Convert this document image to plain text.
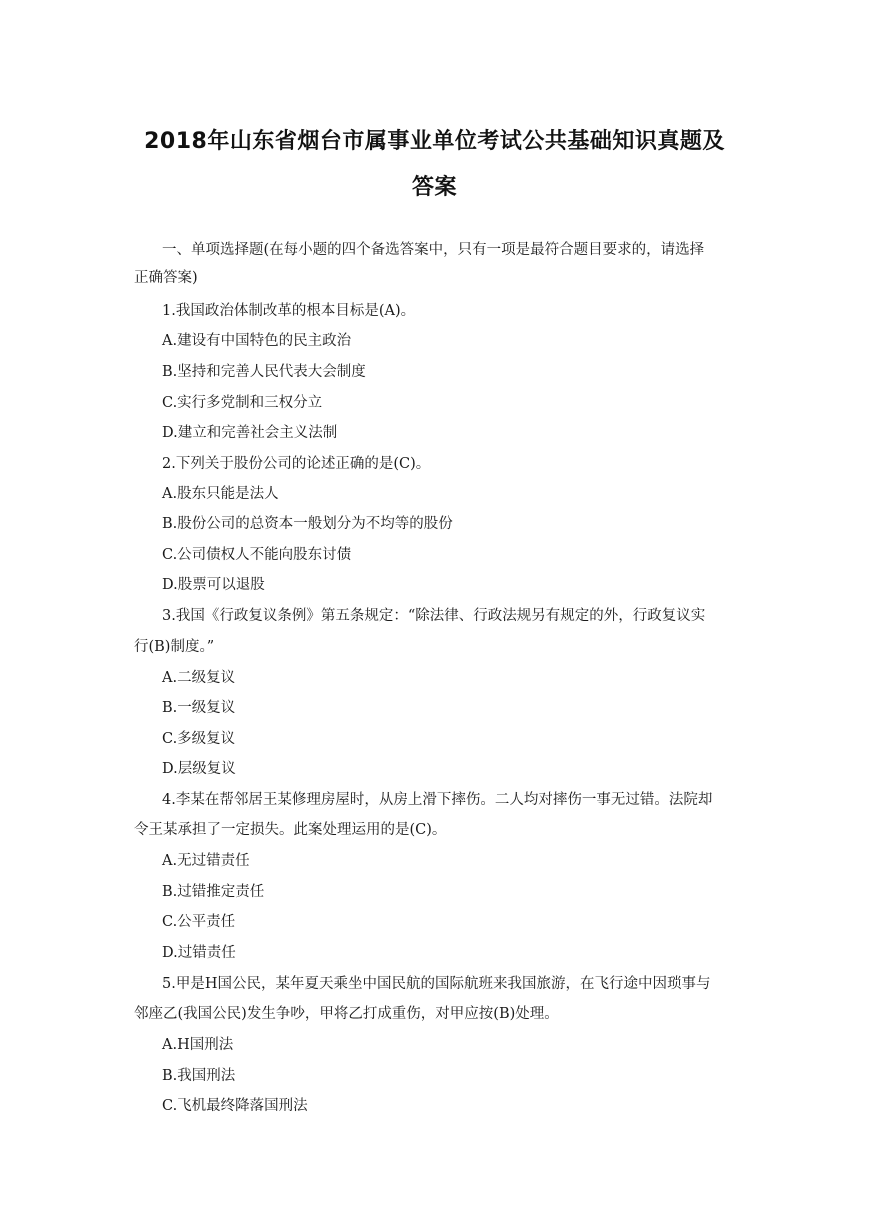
2018年山东省烟台市属事业单位考试公共基础知识真题及
答案
一、单项选择题(在每小题的四个备选答案中，只有一项是最符合题目要求的，请选择
正确答案)
1.我国政治体制改革的根本目标是(A)。
A.建设有中国特色的民主政治
B.坚持和完善人民代表大会制度
C.实行多党制和三权分立
D.建立和完善社会主义法制
2.下列关于股份公司的论述正确的是(C)。
A.股东只能是法人
B.股份公司的总资本一般划分为不均等的股份
C.公司债权人不能向股东讨债
D.股票可以退股
3.我国《行政复议条例》第五条规定：“除法律、行政法规另有规定的外，行政复议实
行(B)制度。”
A.二级复议
B.一级复议
C.多级复议
D.层级复议
4.李某在帮邻居王某修理房屋时，从房上滑下摔伤。二人均对摔伤一事无过错。法院却
令王某承担了一定损失。此案处理运用的是(C)。
A.无过错责任
B.过错推定责任
C.公平责任
D.过错责任
5.甲是H国公民，某年夏天乘坐中国民航的国际航班来我国旅游，在飞行途中因琐事与
邻座乙(我国公民)发生争吵，甲将乙打成重伤，对甲应按(B)处理。
A.H国刑法
B.我国刑法
C.飞机最终降落国刑法
